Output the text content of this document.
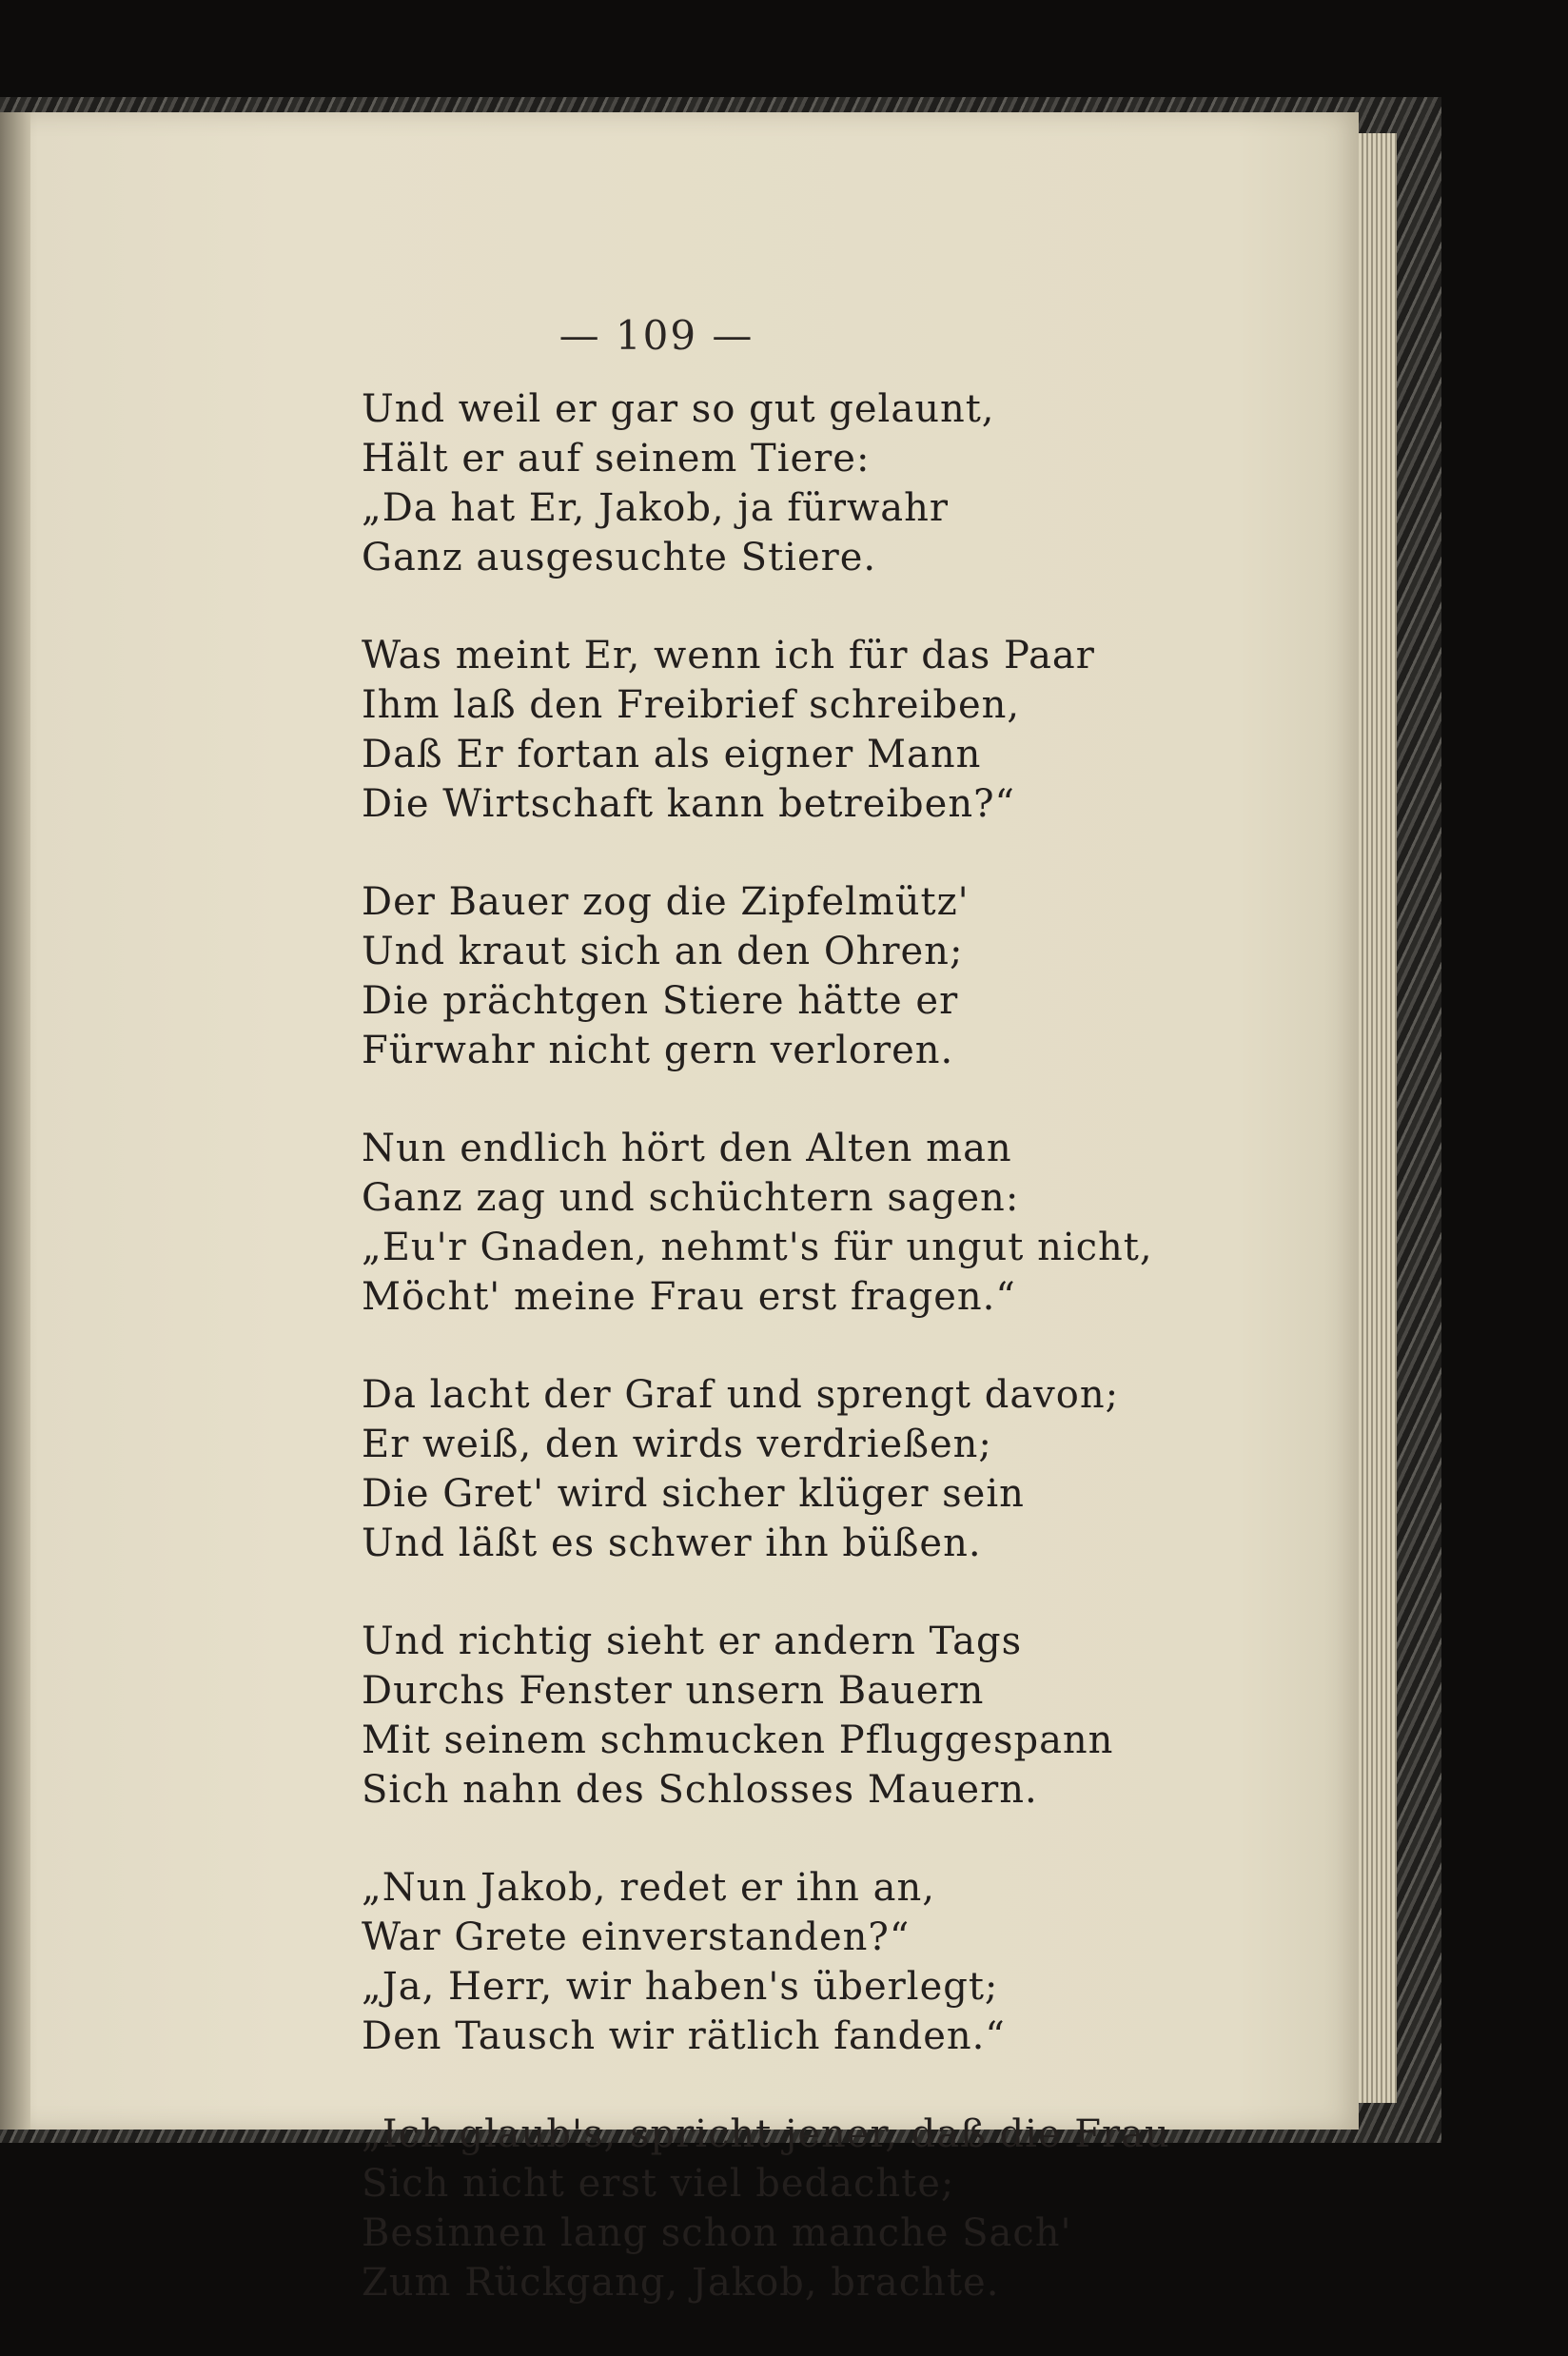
— 109 —

Und weil er gar so gut gelaunt,
Hält er auf seinem Tiere:
„Da hat Er, Jakob, ja fürwahr
Ganz ausgesuchte Stiere.
Was meint Er, wenn ich für das Paar
Ihm laß den Freibrief schreiben,
Daß Er fortan als eigner Mann
Die Wirtschaft kann betreiben?“
Der Bauer zog die Zipfelmütz'
Und kraut sich an den Ohren;
Die prächtgen Stiere hätte er
Fürwahr nicht gern verloren.
Nun endlich hört den Alten man
Ganz zag und schüchtern sagen:
„Eu'r Gnaden, nehmt's für ungut nicht,
Möcht' meine Frau erst fragen.“
Da lacht der Graf und sprengt davon;
Er weiß, den wirds verdrießen;
Die Gret' wird sicher klüger sein
Und läßt es schwer ihn büßen.
Und richtig sieht er andern Tags
Durchs Fenster unsern Bauern
Mit seinem schmucken Pfluggespann
Sich nahn des Schlosses Mauern.
„Nun Jakob, redet er ihn an,
War Grete einverstanden?“
„Ja, Herr, wir haben's überlegt;
Den Tausch wir rätlich fanden.“
„Ich glaub's, spricht jener, daß die Frau
Sich nicht erst viel bedachte;
Besinnen lang schon manche Sach'
Zum Rückgang, Jakob, brachte.
